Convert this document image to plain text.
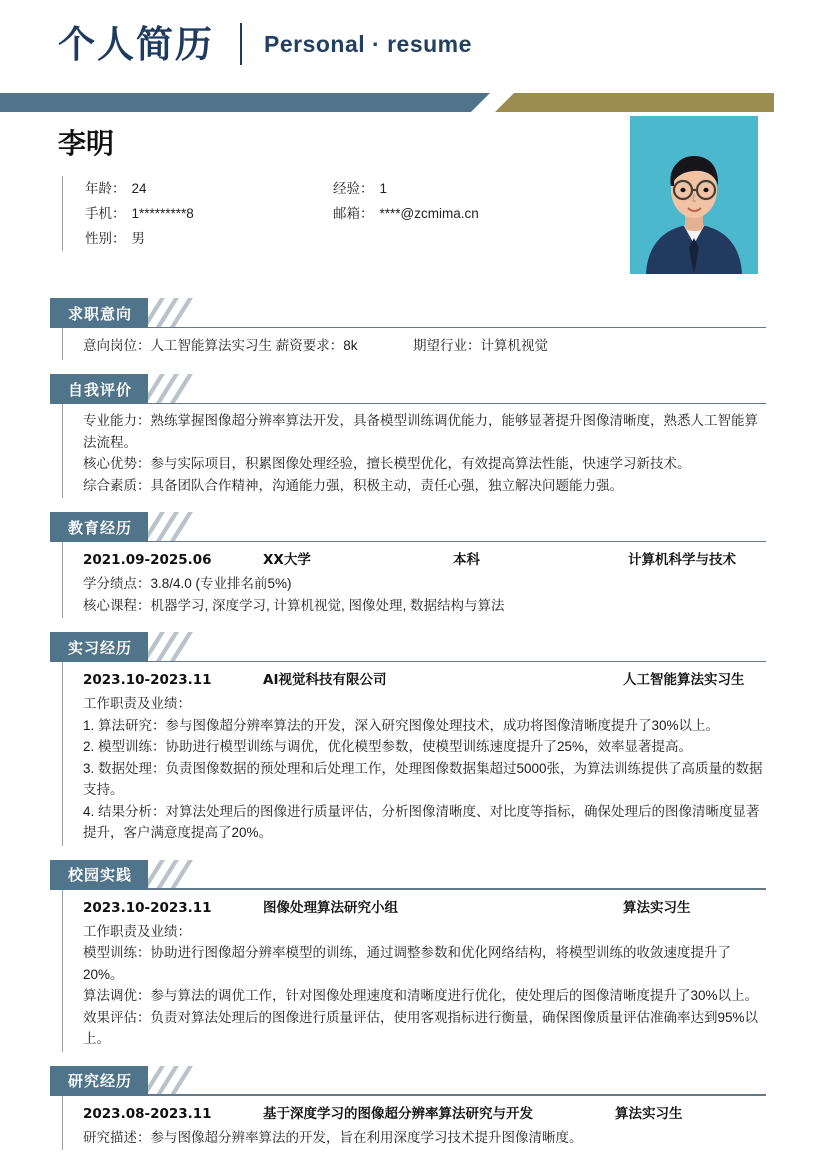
个人简历 Personal · resume
李明
年龄： 24	经验： 1
手机： 1*********8	邮箱： ****@zcmima.cn
性别： 男
求职意向
意向岗位：人工智能算法实习生 薪资要求：8k	期望行业：计算机视觉
自我评价

专业能力：熟练掌握图像超分辨率算法开发，具备模型训练调优能力，能够显著提升图像清晰度，熟悉人工智能算法流程。

核心优势：参与实际项目，积累图像处理经验，擅长模型优化，有效提高算法性能，快速学习新技术。

综合素质：具备团队合作精神，沟通能力强，积极主动，责任心强，独立解决问题能力强。

教育经历
2021.09-2025.06	XX大学	本科	计算机科学与技术

学分绩点：3.8/4.0 (专业排名前5%)

核心课程：机器学习, 深度学习, 计算机视觉, 图像处理, 数据结构与算法

实习经历
2023.10-2023.11	AI视觉科技有限公司	人工智能算法实习生

工作职责及业绩：

1. 算法研究：参与图像超分辨率算法的开发，深入研究图像处理技术，成功将图像清晰度提升了30%以上。

2. 模型训练：协助进行模型训练与调优，优化模型参数，使模型训练速度提升了25%，效率显著提高。

3. 数据处理：负责图像数据的预处理和后处理工作，处理图像数据集超过5000张，为算法训练提供了高质量的数据支持。

4. 结果分析：对算法处理后的图像进行质量评估，分析图像清晰度、对比度等指标，确保处理后的图像清晰度显著提升，客户满意度提高了20%。

校园实践
2023.10-2023.11	图像处理算法研究小组	算法实习生

工作职责及业绩：

模型训练：协助进行图像超分辨率模型的训练，通过调整参数和优化网络结构，将模型训练的收敛速度提升了20%。

算法调优：参与算法的调优工作，针对图像处理速度和清晰度进行优化，使处理后的图像清晰度提升了30%以上。

效果评估：负责对算法处理后的图像进行质量评估，使用客观指标进行衡量，确保图像质量评估准确率达到95%以上。

研究经历
2023.08-2023.11	基于深度学习的图像超分辨率算法研究与开发	算法实习生

研究描述：参与图像超分辨率算法的开发，旨在利用深度学习技术提升图像清晰度。
